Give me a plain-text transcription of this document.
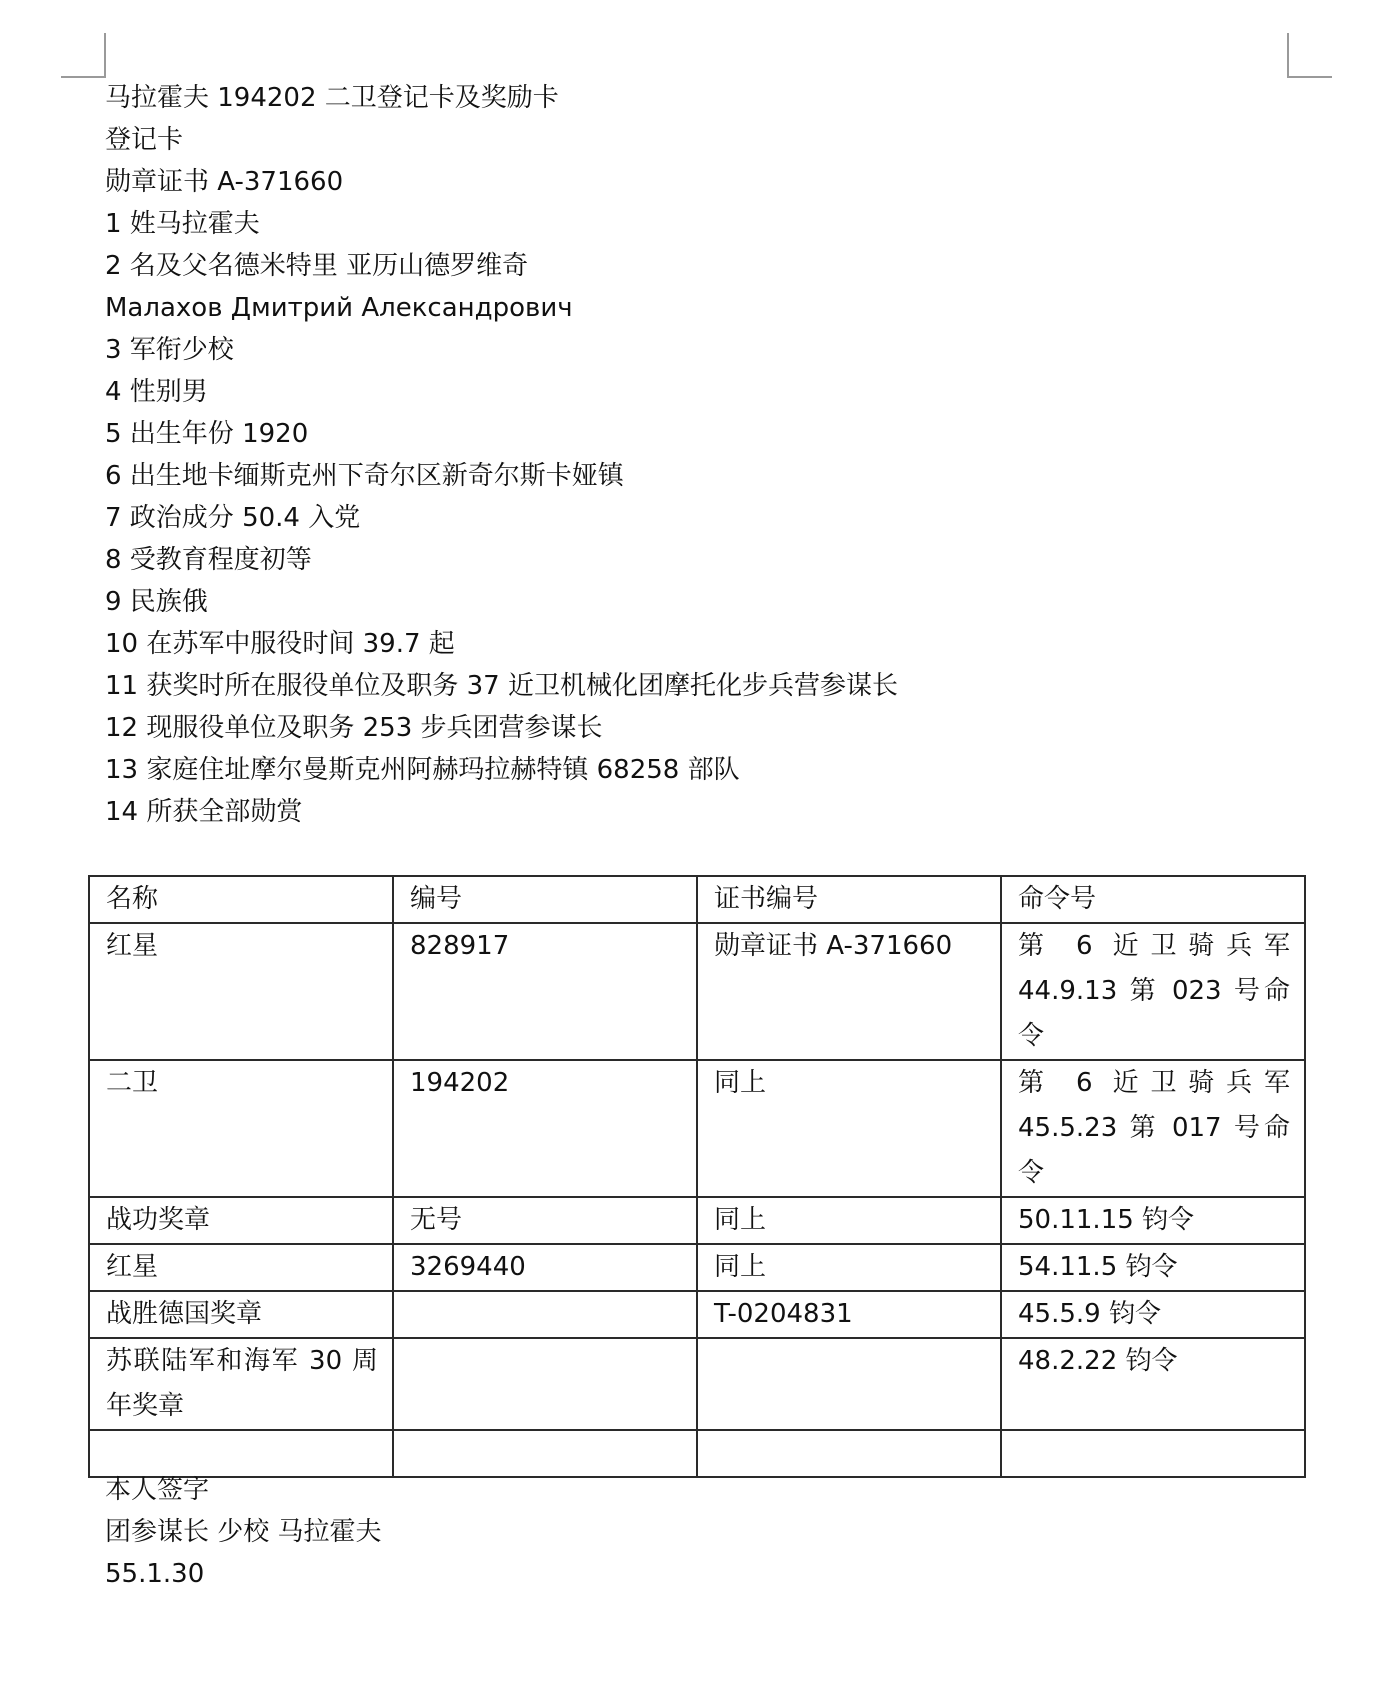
马拉霍夫 194202 二卫登记卡及奖励卡
登记卡
勋章证书 A-371660
1 姓马拉霍夫
2 名及父名德米特里 亚历山德罗维奇
Малахов Дмитрий Александрович
3 军衔少校
4 性别男
5 出生年份 1920
6 出生地卡缅斯克州下奇尔区新奇尔斯卡娅镇
7 政治成分 50.4 入党
8 受教育程度初等
9 民族俄
10 在苏军中服役时间 39.7 起
11 获奖时所在服役单位及职务 37 近卫机械化团摩托化步兵营参谋长
12 现服役单位及职务 253 步兵团营参谋长
13 家庭住址摩尔曼斯克州阿赫玛拉赫特镇 68258 部队
14 所获全部勋赏
名称	编号	证书编号	命令号
红星	828917	勋章证书 A-371660	第 6 近卫骑兵军 44.9.13 第 023 号命令
二卫	194202	同上	第 6 近卫骑兵军 45.5.23 第 017 号命令
战功奖章	无号	同上	50.11.15 钧令
红星	3269440	同上	54.11.5 钧令
战胜德国奖章		T-0204831	45.5.9 钧令
苏联陆军和海军 30 周年奖章			48.2.22 钧令

本人签字
团参谋长 少校 马拉霍夫
55.1.30
